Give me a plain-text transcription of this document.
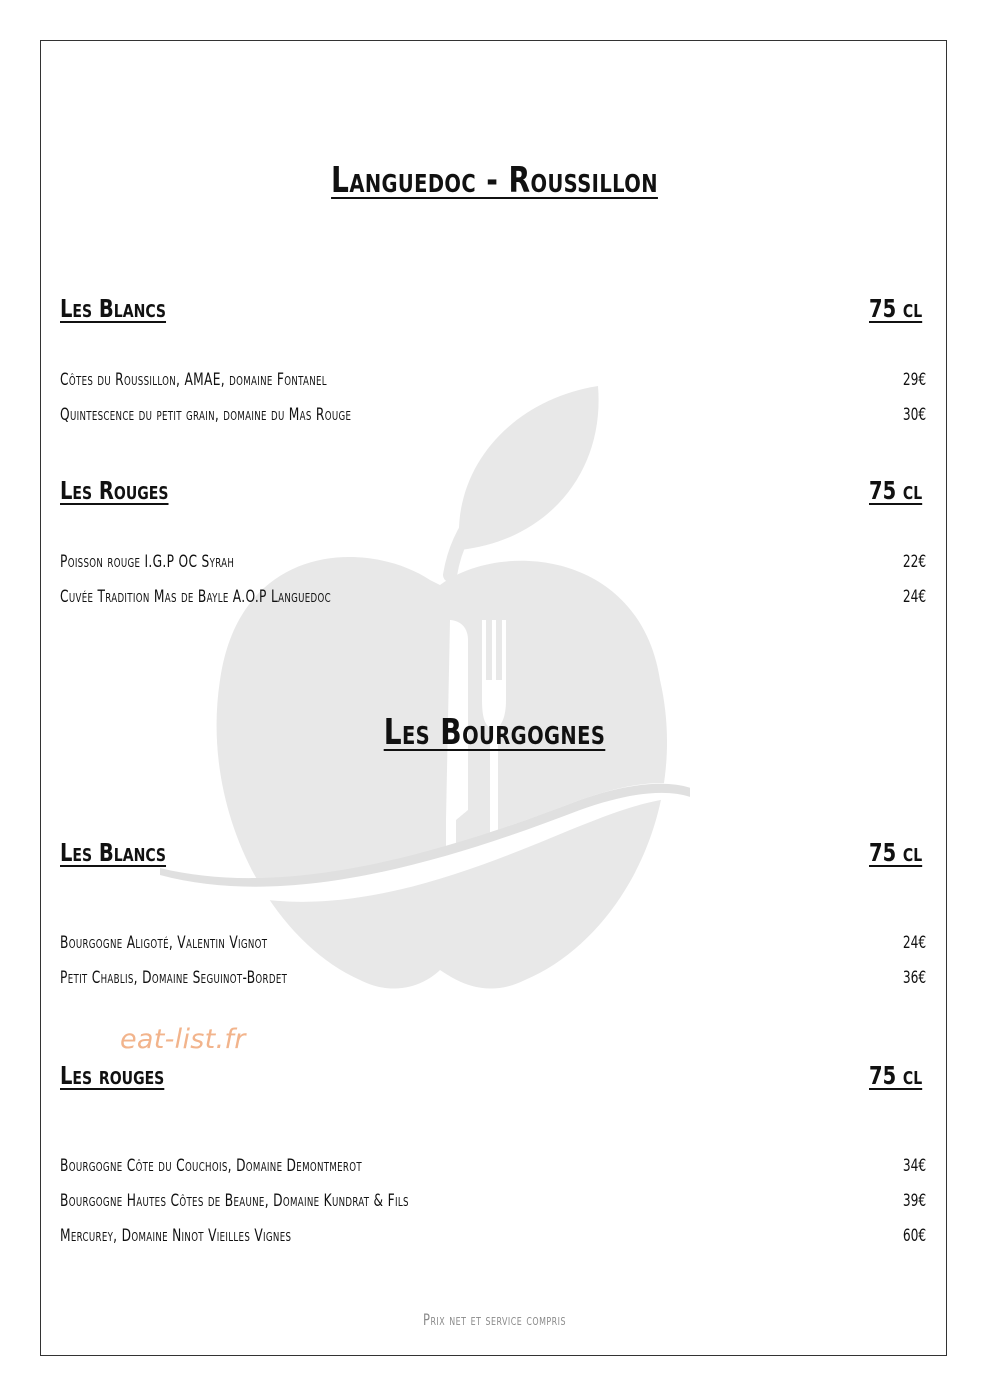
Languedoc - Roussillon
Les Blancs	75 cl
Côtes du Roussillon, AMAE, domaine Fontanel	29€
Quintescence du petit grain, domaine du Mas Rouge	30€
Les Rouges	75 cl
Poisson rouge I.G.P OC Syrah	22€
Cuvée Tradition Mas de Bayle A.O.P Languedoc	24€
Les Bourgognes
Les Blancs	75 cl
Bourgogne Aligoté, Valentin Vignot	24€
Petit Chablis, Domaine Seguinot-Bordet	36€
eat-list.fr
Les rouges	75 cl
Bourgogne Côte du Couchois, Domaine Demontmerot	34€
Bourgogne Hautes Côtes de Beaune, Domaine Kundrat & Fils	39€
Mercurey, Domaine Ninot Vieilles Vignes	60€
Prix net et service compris
